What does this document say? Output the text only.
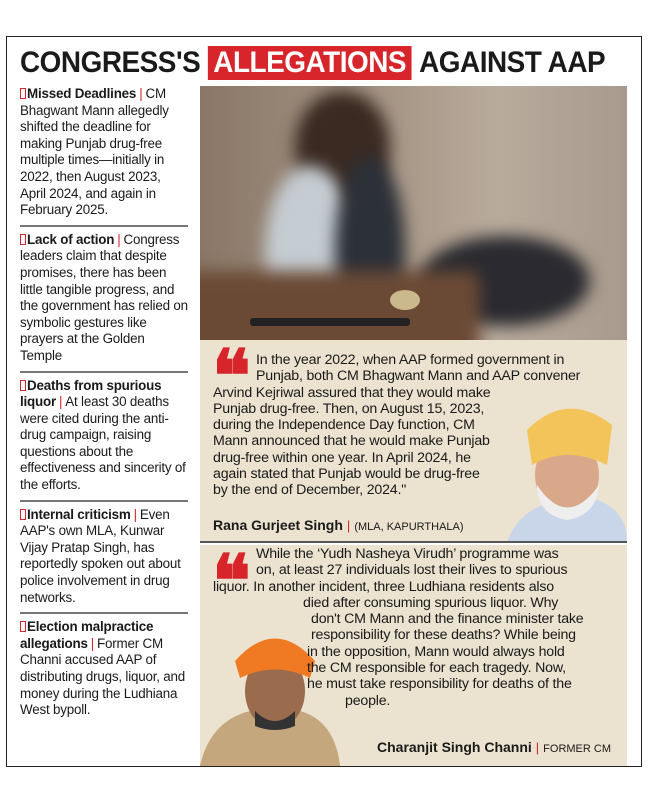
CONGRESS'S ALLEGATIONS AGAINST AAP
Missed Deadlines | CM Bhagwant Mann allegedly shifted the deadline for making Punjab drug-free multiple times—initially in 2022, then August 2023, April 2024, and again in February 2025.
Lack of action | Congress leaders claim that despite promises, there has been little tangible progress, and the government has relied on symbolic gestures like prayers at the Golden Temple
Deaths from spurious liquor | At least 30 deaths were cited during the anti-drug campaign, raising questions about the effectiveness and sincerity of the efforts.
Internal criticism | Even AAP's own MLA, Kunwar Vijay Pratap Singh, has reportedly spoken out about police involvement in drug networks.
Election malpractice allegations | Former CM Channi accused AAP of distributing drugs, liquor, and money during the Ludhiana West bypoll.
❝ In the year 2022, when AAP formed government in
Punjab, both CM Bhagwant Mann and AAP convener
Arvind Kejriwal assured that they would make
Punjab drug-free. Then, on August 15, 2023,
during the Independence Day function, CM
Mann announced that he would make Punjab
drug-free within one year. In April 2024, he
again stated that Punjab would be drug-free
by the end of December, 2024."
Rana Gurjeet Singh | (MLA, KAPURTHALA)
❝ While the ‘Yudh Nasheya Virudh’ programme was
on, at least 27 individuals lost their lives to spurious
liquor. In another incident, three Ludhiana residents also
died after consuming spurious liquor. Why
don't CM Mann and the finance minister take
responsibility for these deaths? While being
in the opposition, Mann would always hold
the CM responsible for each tragedy. Now,
he must take responsibility for deaths of the
people.
Charanjit Singh Channi | FORMER CM
